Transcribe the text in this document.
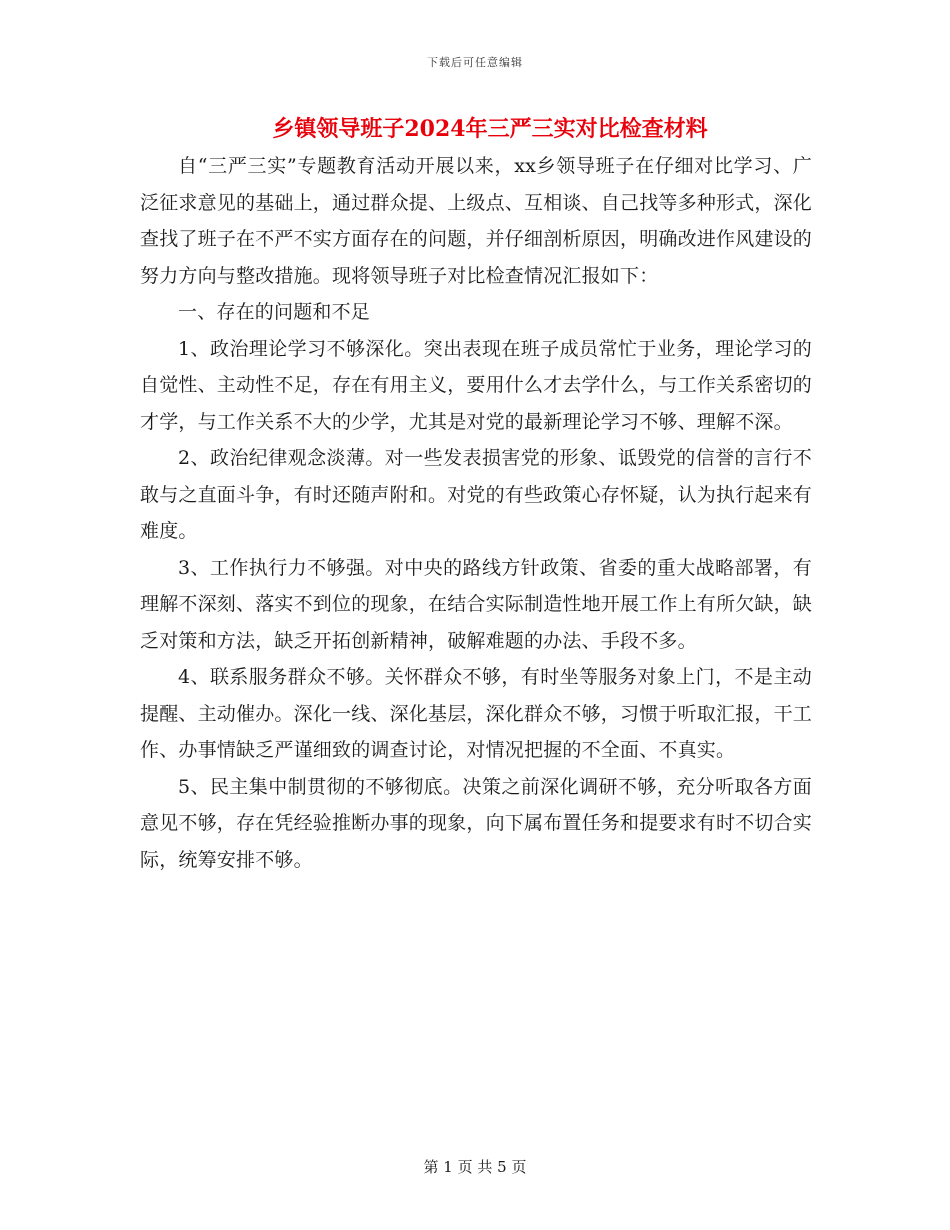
下载后可任意编辑
乡镇领导班子2024年三严三实对比检查材料

自“三严三实”专题教育活动开展以来，xx乡领导班子在仔细对比学习、广泛征求意见的基础上，通过群众提、上级点、互相谈、自己找等多种形式，深化查找了班子在不严不实方面存在的问题，并仔细剖析原因，明确改进作风建设的努力方向与整改措施。现将领导班子对比检查情况汇报如下：

一、存在的问题和不足

1、政治理论学习不够深化。突出表现在班子成员常忙于业务，理论学习的自觉性、主动性不足，存在有用主义，要用什么才去学什么，与工作关系密切的才学，与工作关系不大的少学，尤其是对党的最新理论学习不够、理解不深。

2、政治纪律观念淡薄。对一些发表损害党的形象、诋毁党的信誉的言行不敢与之直面斗争，有时还随声附和。对党的有些政策心存怀疑，认为执行起来有难度。

3、工作执行力不够强。对中央的路线方针政策、省委的重大战略部署，有理解不深刻、落实不到位的现象，在结合实际制造性地开展工作上有所欠缺，缺乏对策和方法，缺乏开拓创新精神，破解难题的办法、手段不多。

4、联系服务群众不够。关怀群众不够，有时坐等服务对象上门，不是主动提醒、主动催办。深化一线、深化基层，深化群众不够，习惯于听取汇报，干工作、办事情缺乏严谨细致的调查讨论，对情况把握的不全面、不真实。

5、民主集中制贯彻的不够彻底。决策之前深化调研不够，充分听取各方面意见不够，存在凭经验推断办事的现象，向下属布置任务和提要求有时不切合实际，统筹安排不够。

第 1 页 共 5 页
